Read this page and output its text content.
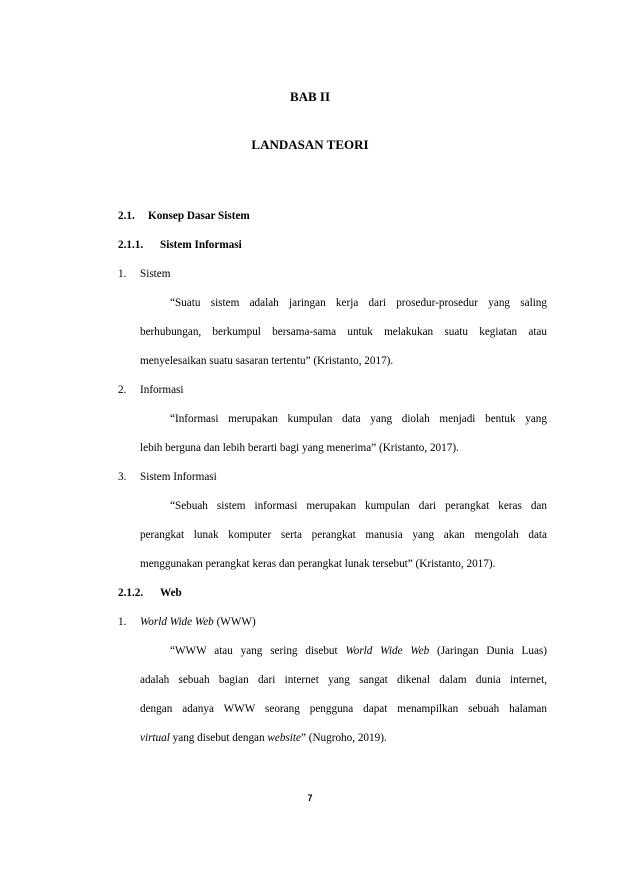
BAB II
LANDASAN TEORI
2.1. Konsep Dasar Sistem
2.1.1. Sistem Informasi
1. Sistem
“Suatu sistem adalah jaringan kerja dari prosedur-prosedur yang saling
berhubungan, berkumpul bersama-sama untuk melakukan suatu kegiatan atau
menyelesaikan suatu sasaran tertentu” (Kristanto, 2017).
2. Informasi
“Informasi merupakan kumpulan data yang diolah menjadi bentuk yang
lebih berguna dan lebih berarti bagi yang menerima” (Kristanto, 2017).
3. Sistem Informasi
“Sebuah sistem informasi merupakan kumpulan dari perangkat keras dan
perangkat lunak komputer serta perangkat manusia yang akan mengolah data
menggunakan perangkat keras dan perangkat lunak tersebut” (Kristanto, 2017).
2.1.2. Web
1. World Wide Web (WWW)
“WWW atau yang sering disebut World Wide Web (Jaringan Dunia Luas)
adalah sebuah bagian dari internet yang sangat dikenal dalam dunia internet,
dengan adanya WWW seorang pengguna dapat menampilkan sebuah halaman
virtual yang disebut dengan website” (Nugroho, 2019).
7
